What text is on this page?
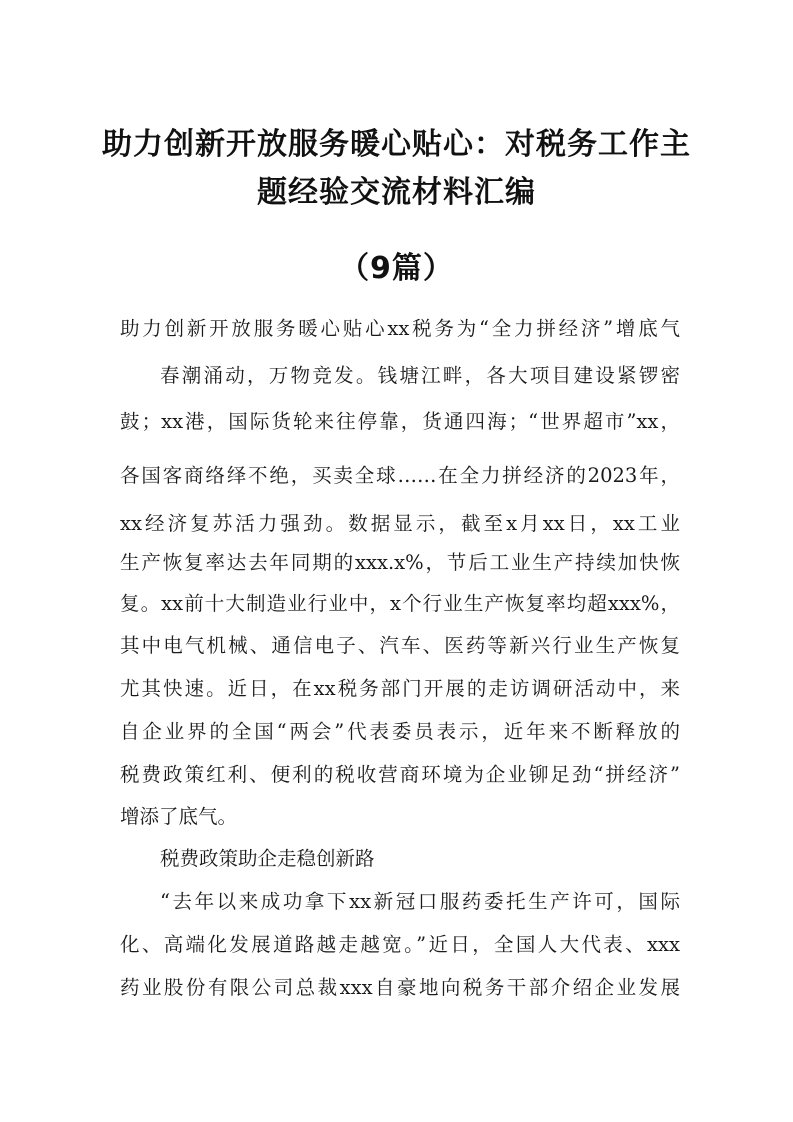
助力创新开放服务暖心贴心：对税务工作主
题经验交流材料汇编
（9篇）
助力创新开放服务暖心贴心xx税务为“全力拼经济”增底气
春潮涌动，万物竞发。钱塘江畔，各大项目建设紧锣密
鼓；xx港，国际货轮来往停靠，货通四海；“世界超市”xx，
各国客商络绎不绝，买卖全球……在全力拼经济的2023年，
xx经济复苏活力强劲。数据显示，截至x月xx日，xx工业
生产恢复率达去年同期的xxx.x%，节后工业生产持续加快恢
复。xx前十大制造业行业中，x个行业生产恢复率均超xxx%，
其中电气机械、通信电子、汽车、医药等新兴行业生产恢复
尤其快速。近日，在xx税务部门开展的走访调研活动中，来
自企业界的全国“两会”代表委员表示，近年来不断释放的
税费政策红利、便利的税收营商环境为企业铆足劲“拼经济”
增添了底气。
税费政策助企走稳创新路
“去年以来成功拿下xx新冠口服药委托生产许可，国际
化、高端化发展道路越走越宽。”近日，全国人大代表、xxx
药业股份有限公司总裁xxx自豪地向税务干部介绍企业发展
